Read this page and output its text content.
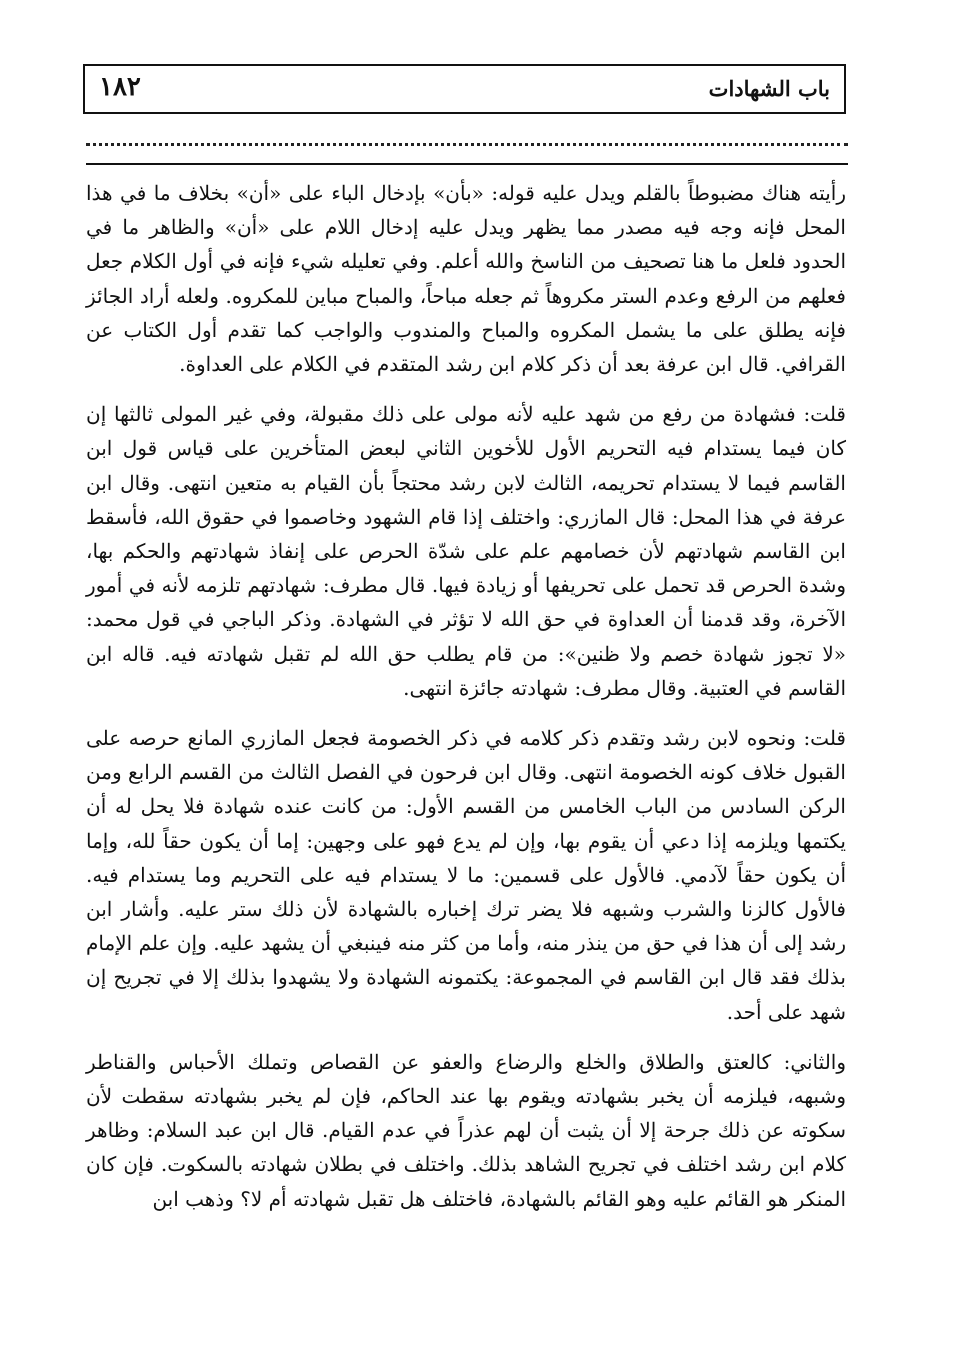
١٨٢	باب الشهادات

رأيته هناك مضبوطاً بالقلم ويدل عليه قوله: «بأن» بإدخال الباء على «أن» بخلاف ما في هذا المحل فإنه وجه فيه مصدر مما يظهر ويدل عليه إدخال اللام على «أن» والظاهر ما في الحدود فلعل ما هنا تصحيف من الناسخ والله أعلم. وفي تعليله شيء فإنه في أول الكلام جعل فعلهم من الرفع وعدم الستر مكروهاً ثم جعله مباحاً، والمباح مباين للمكروه. ولعله أراد الجائز فإنه يطلق على ما يشمل المكروه والمباح والمندوب والواجب كما تقدم أول الكتاب عن القرافي. قال ابن عرفة بعد أن ذكر كلام ابن رشد المتقدم في الكلام على العداوة.

قلت: فشهادة من رفع من شهد عليه لأنه مولى على ذلك مقبولة، وفي غير المولى ثالثها إن كان فيما يستدام فيه التحريم الأول للأخوين الثاني لبعض المتأخرين على قياس قول ابن القاسم فيما لا يستدام تحريمه، الثالث لابن رشد محتجاً بأن القيام به متعين انتهى. وقال ابن عرفة في هذا المحل: قال المازري: واختلف إذا قام الشهود وخاصموا في حقوق الله، فأسقط ابن القاسم شهادتهم لأن خصامهم علم على شدّة الحرص على إنفاذ شهادتهم والحكم بها، وشدة الحرص قد تحمل على تحريفها أو زيادة فيها. قال مطرف: شهادتهم تلزمه لأنه في أمور الآخرة، وقد قدمنا أن العداوة في حق الله لا تؤثر في الشهادة. وذكر الباجي في قول محمد: «لا تجوز شهادة خصم ولا ظنين»: من قام يطلب حق الله لم تقبل شهادته فيه. قاله ابن القاسم في العتبية. وقال مطرف: شهادته جائزة انتهى.

قلت: ونحوه لابن رشد وتقدم ذكر كلامه في ذكر الخصومة فجعل المازري المانع حرصه على القبول خلاف كونه الخصومة انتهى. وقال ابن فرحون في الفصل الثالث من القسم الرابع ومن الركن السادس من الباب الخامس من القسم الأول: من كانت عنده شهادة فلا يحل له أن يكتمها ويلزمه إذا دعي أن يقوم بها، وإن لم يدع فهو على وجهين: إما أن يكون حقاً لله، وإما أن يكون حقاً لآدمي. فالأول على قسمين: ما لا يستدام فيه على التحريم وما يستدام فيه. فالأول كالزنا والشرب وشبهه فلا يضر ترك إخباره بالشهادة لأن ذلك ستر عليه. وأشار ابن رشد إلى أن هذا في حق من ينذر منه، وأما من كثر منه فينبغي أن يشهد عليه. وإن علم الإمام بذلك فقد قال ابن القاسم في المجموعة: يكتمونه الشهادة ولا يشهدوا بذلك إلا في تجريح إن شهد على أحد.

والثاني: كالعتق والطلاق والخلع والرضاع والعفو عن القصاص وتملك الأحباس والقناطر وشبهه، فيلزمه أن يخبر بشهادته ويقوم بها عند الحاكم، فإن لم يخبر بشهادته سقطت لأن سكوته عن ذلك جرحة إلا أن يثبت أن لهم عذراً في عدم القيام. قال ابن عبد السلام: وظاهر كلام ابن رشد اختلف في تجريح الشاهد بذلك. واختلف في بطلان شهادته بالسكوت. فإن كان المنكر هو القائم عليه وهو القائم بالشهادة، فاختلف هل تقبل شهادته أم لا؟ وذهب ابن
